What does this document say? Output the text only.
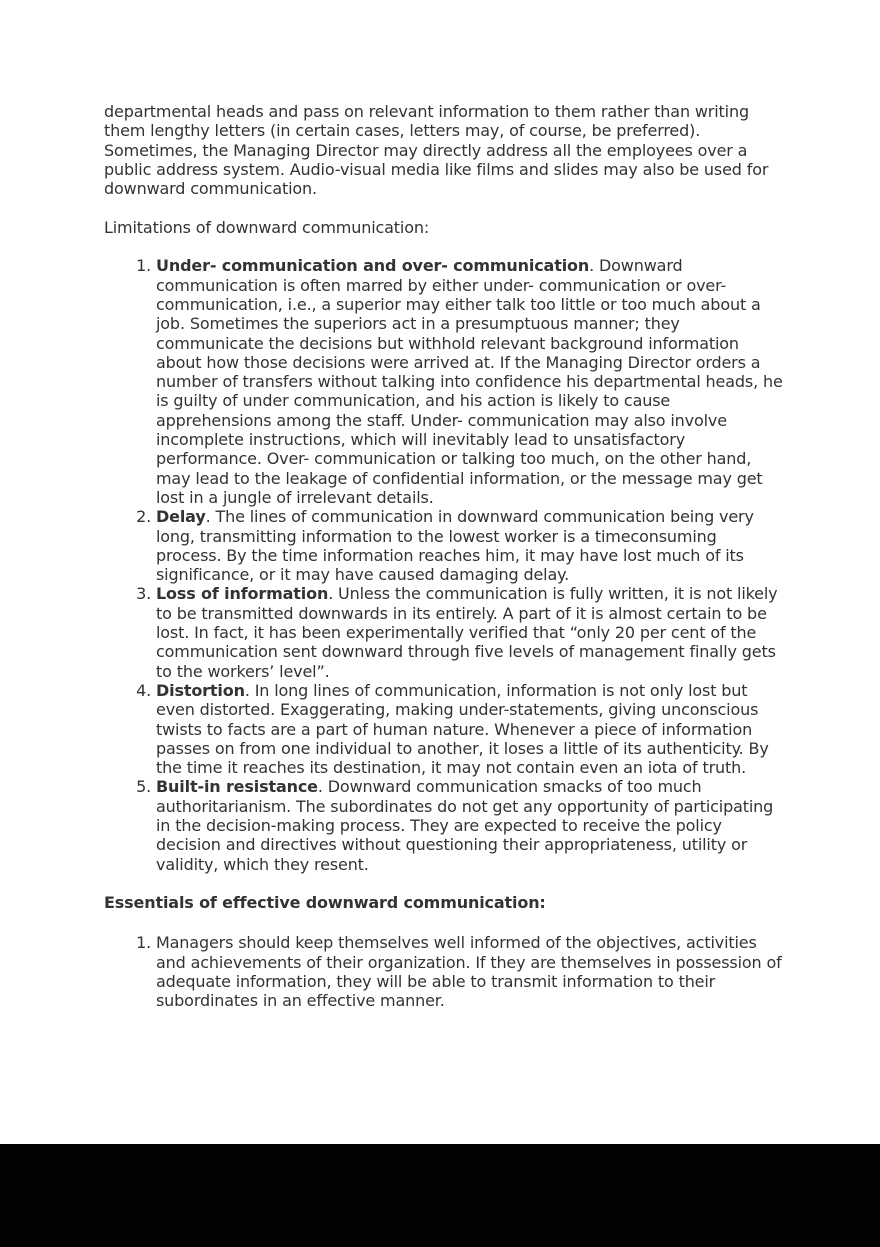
departmental heads and pass on relevant information to them rather than writing them lengthy letters (in certain cases, letters may, of course, be preferred). Sometimes, the Managing Director may directly address all the employees over a public address system. Audio-visual media like films and slides may also be used for downward communication.

Limitations of downward communication:

1. Under- communication and over- communication. Downward communication is often marred by either under- communication or over-communication, i.e., a superior may either talk too little or too much about a job. Sometimes the superiors act in a presumptuous manner; they communicate the decisions but withhold relevant background information about how those decisions were arrived at. If the Managing Director orders a number of transfers without talking into confidence his departmental heads, he is guilty of under communication, and his action is likely to cause apprehensions among the staff. Under- communication may also involve incomplete instructions, which will inevitably lead to unsatisfactory performance. Over- communication or talking too much, on the other hand, may lead to the leakage of confidential information, or the message may get lost in a jungle of irrelevant details.
2. Delay. The lines of communication in downward communication being very long, transmitting information to the lowest worker is a timeconsuming process. By the time information reaches him, it may have lost much of its significance, or it may have caused damaging delay.
3. Loss of information. Unless the communication is fully written, it is not likely to be transmitted downwards in its entirely. A part of it is almost certain to be lost. In fact, it has been experimentally verified that “only 20 per cent of the communication sent downward through five levels of management finally gets to the workers’ level”.
4. Distortion. In long lines of communication, information is not only lost but even distorted. Exaggerating, making under-statements, giving unconscious twists to facts are a part of human nature. Whenever a piece of information passes on from one individual to another, it loses a little of its authenticity. By the time it reaches its destination, it may not contain even an iota of truth.
5. Built-in resistance. Downward communication smacks of too much authoritarianism. The subordinates do not get any opportunity of participating in the decision-making process. They are expected to receive the policy decision and directives without questioning their appropriateness, utility or validity, which they resent.

Essentials of effective downward communication:

1. Managers should keep themselves well informed of the objectives, activities and achievements of their organization. If they are themselves in possession of adequate information, they will be able to transmit information to their subordinates in an effective manner.
